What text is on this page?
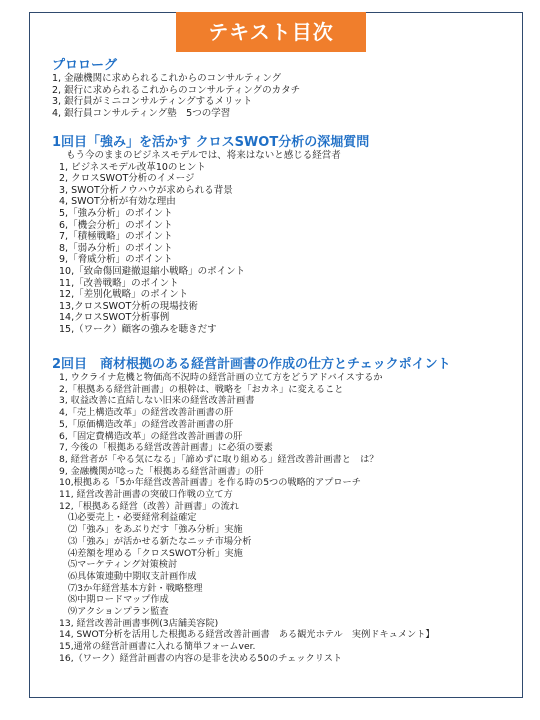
テキスト目次

プロローグ

1, 金融機関に求められるこれからのコンサルティング
2, 銀行に求められるこれからのコンサルティングのカタチ
3, 銀行員がミニコンサルティングするメリット
4, 銀行員コンサルティング塾　5つの学習

1回目「強み」を活かす クロスSWOT分析の深堀質問

もう今のままのビジネスモデルでは、将来はないと感じる経営者
1, ビジネスモデル改革10のヒント
2, クロスSWOT分析のイメージ
3, SWOT分析ノウハウが求められる背景
4, SWOT分析が有効な理由
5,「強み分析」のポイント
6,「機会分析」のポイント
7,「積極戦略」のポイント
8,「弱み分析」のポイント
9,「脅威分析」のポイント
10,「致命傷回避撤退縮小戦略」のポイント
11,「改善戦略」のポイント
12,「差別化戦略」のポイント
13,クロスSWOT分析の現場技術
14,クロスSWOT分析事例
15,（ワーク）顧客の強みを聴きだす

2回目　商材根拠のある経営計画書の作成の仕方とチェックポイント

1, ウクライナ危機と物価高不況時の経営計画の立て方をどうアドバイスするか
2,「根拠ある経営計画書」の根幹は、戦略を「おカネ」に変えること
3, 収益改善に直結しない旧来の経営改善計画書
4,「売上構造改革」の経営改善計画書の肝
5,「原価構造改革」の経営改善計画書の肝
6,「固定費構造改革」の経営改善計画書の肝
7, 今後の「根拠ある経営改善計画書」に必須の要素
8, 経営者が「やる気になる」「諦めずに取り組める」経営改善計画書と　は？
9, 金融機関が唸った「根拠ある経営計画書」の肝
10,根拠ある「5か年経営改善計画書」を作る時の5つの戦略的アプローチ
11, 経営改善計画書の突破口作戦の立て方
12,「根拠ある経営（改善）計画書」の流れ
⑴必要売上・必要経常利益確定
⑵「強み」をあぶりだす「強み分析」実施
⑶「強み」が活かせる新たなニッチ市場分析
⑷差額を埋める「クロスSWOT分析」実施
⑸マーケティング対策検討
⑹具体策連動中期収支計画作成
⑺3か年経営基本方針・戦略整理
⑻中期ロードマップ作成
⑼アクションプラン監査
13, 経営改善計画書事例(3店舗美容院)
14, SWOT分析を活用した根拠ある経営改善計画書　ある観光ホテル　実例ドキュメント】
15,通常の経営計画書に入れる簡単フォームver.
16,（ワーク）経営計画書の内容の是非を決める50のチェックリスト
